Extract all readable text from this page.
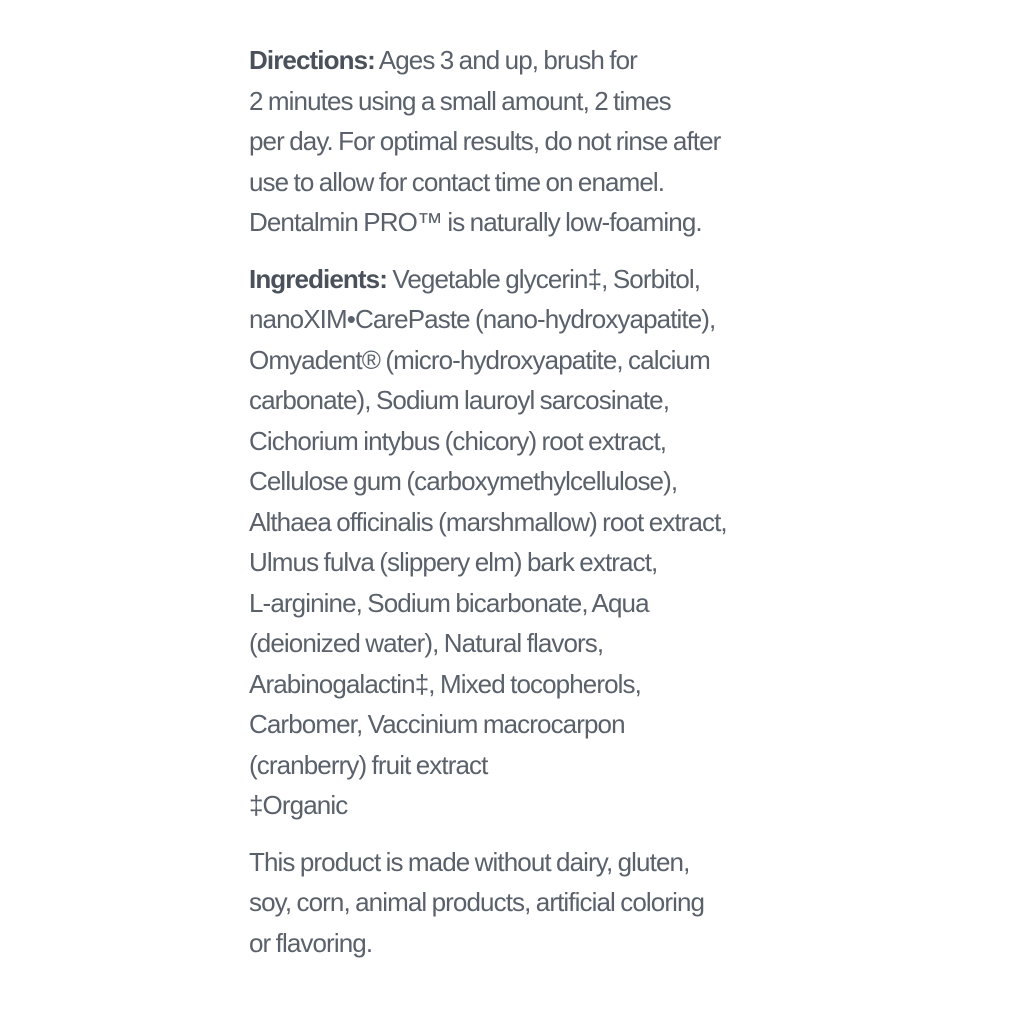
Directions: Ages 3 and up, brush for
2 minutes using a small amount, 2 times
per day. For optimal results, do not rinse after
use to allow for contact time on enamel.
Dentalmin PRO™ is naturally low-foaming.
Ingredients: Vegetable glycerin‡, Sorbitol,
nanoXIM•CarePaste (nano-hydroxyapatite),
Omyadent® (micro-hydroxyapatite, calcium
carbonate), Sodium lauroyl sarcosinate,
Cichorium intybus (chicory) root extract,
Cellulose gum (carboxymethylcellulose),
Althaea officinalis (marshmallow) root extract,
Ulmus fulva (slippery elm) bark extract,
L-arginine, Sodium bicarbonate, Aqua
(deionized water), Natural flavors,
Arabinogalactin‡, Mixed tocopherols,
Carbomer, Vaccinium macrocarpon
(cranberry) fruit extract
‡Organic
This product is made without dairy, gluten,
soy, corn, animal products, artificial coloring
or flavoring.
